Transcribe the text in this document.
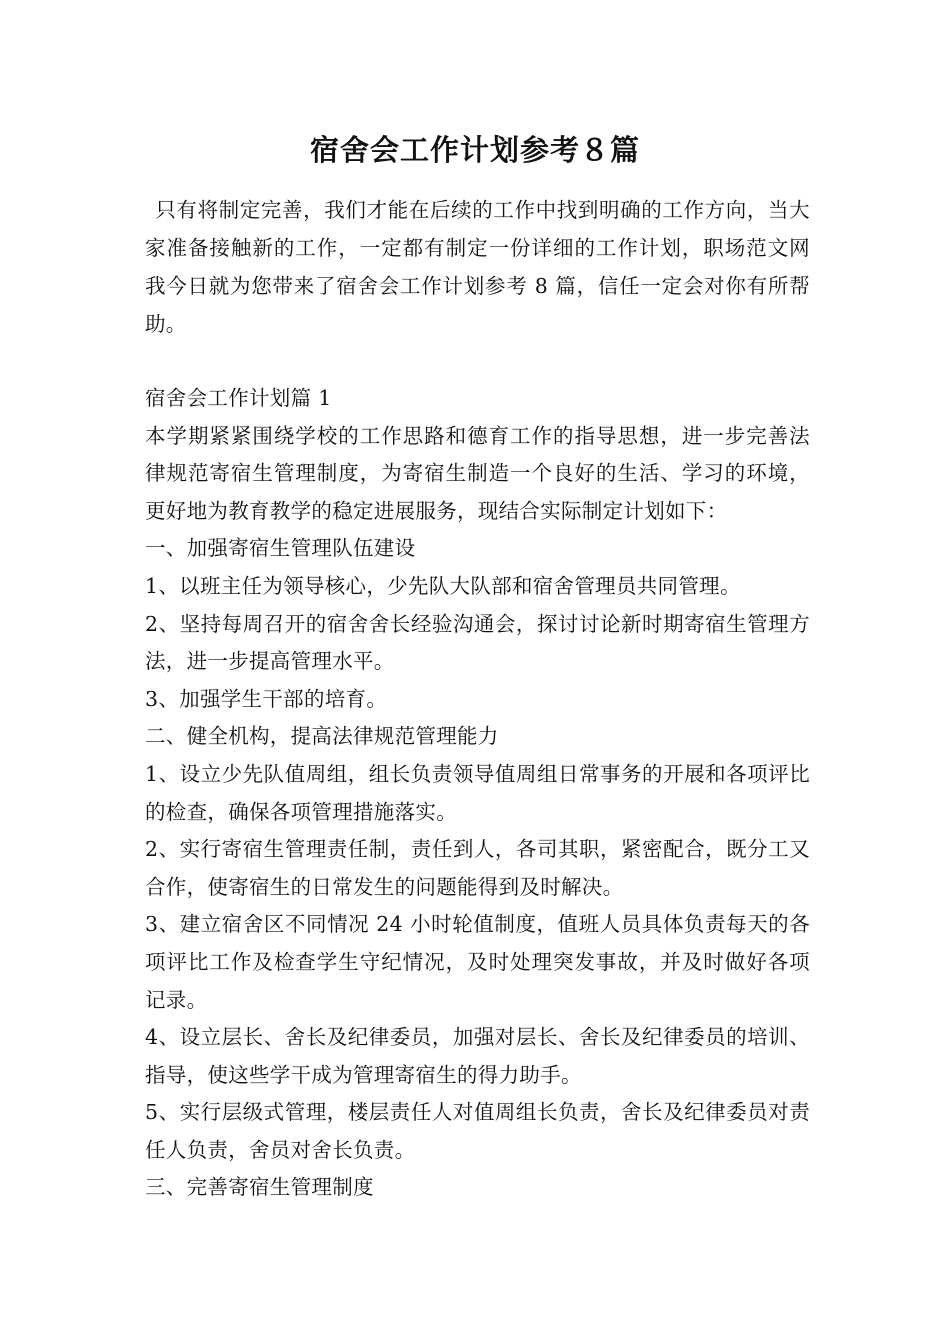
宿舍会工作计划参考８篇

只有将制定完善，我们才能在后续的工作中找到明确的工作方向，当大家准备接触新的工作，一定都有制定一份详细的工作计划，职场范文网我今日就为您带来了宿舍会工作计划参考 8 篇，信任一定会对你有所帮助。

宿舍会工作计划篇 1

本学期紧紧围绕学校的工作思路和德育工作的指导思想，进一步完善法律规范寄宿生管理制度，为寄宿生制造一个良好的生活、学习的环境，更好地为教育教学的稳定进展服务，现结合实际制定计划如下：

一、加强寄宿生管理队伍建设

1、以班主任为领导核心，少先队大队部和宿舍管理员共同管理。

2、坚持每周召开的宿舍舍长经验沟通会，探讨讨论新时期寄宿生管理方法，进一步提高管理水平。

3、加强学生干部的培育。

二、健全机构，提高法律规范管理能力

1、设立少先队值周组，组长负责领导值周组日常事务的开展和各项评比的检查，确保各项管理措施落实。

2、实行寄宿生管理责任制，责任到人，各司其职，紧密配合，既分工又合作，使寄宿生的日常发生的问题能得到及时解决。

3、建立宿舍区不同情况 24 小时轮值制度，值班人员具体负责每天的各项评比工作及检查学生守纪情况，及时处理突发事故，并及时做好各项记录。

4、设立层长、舍长及纪律委员，加强对层长、舍长及纪律委员的培训、指导，使这些学干成为管理寄宿生的得力助手。

5、实行层级式管理，楼层责任人对值周组长负责，舍长及纪律委员对责任人负责，舍员对舍长负责。

三、完善寄宿生管理制度
